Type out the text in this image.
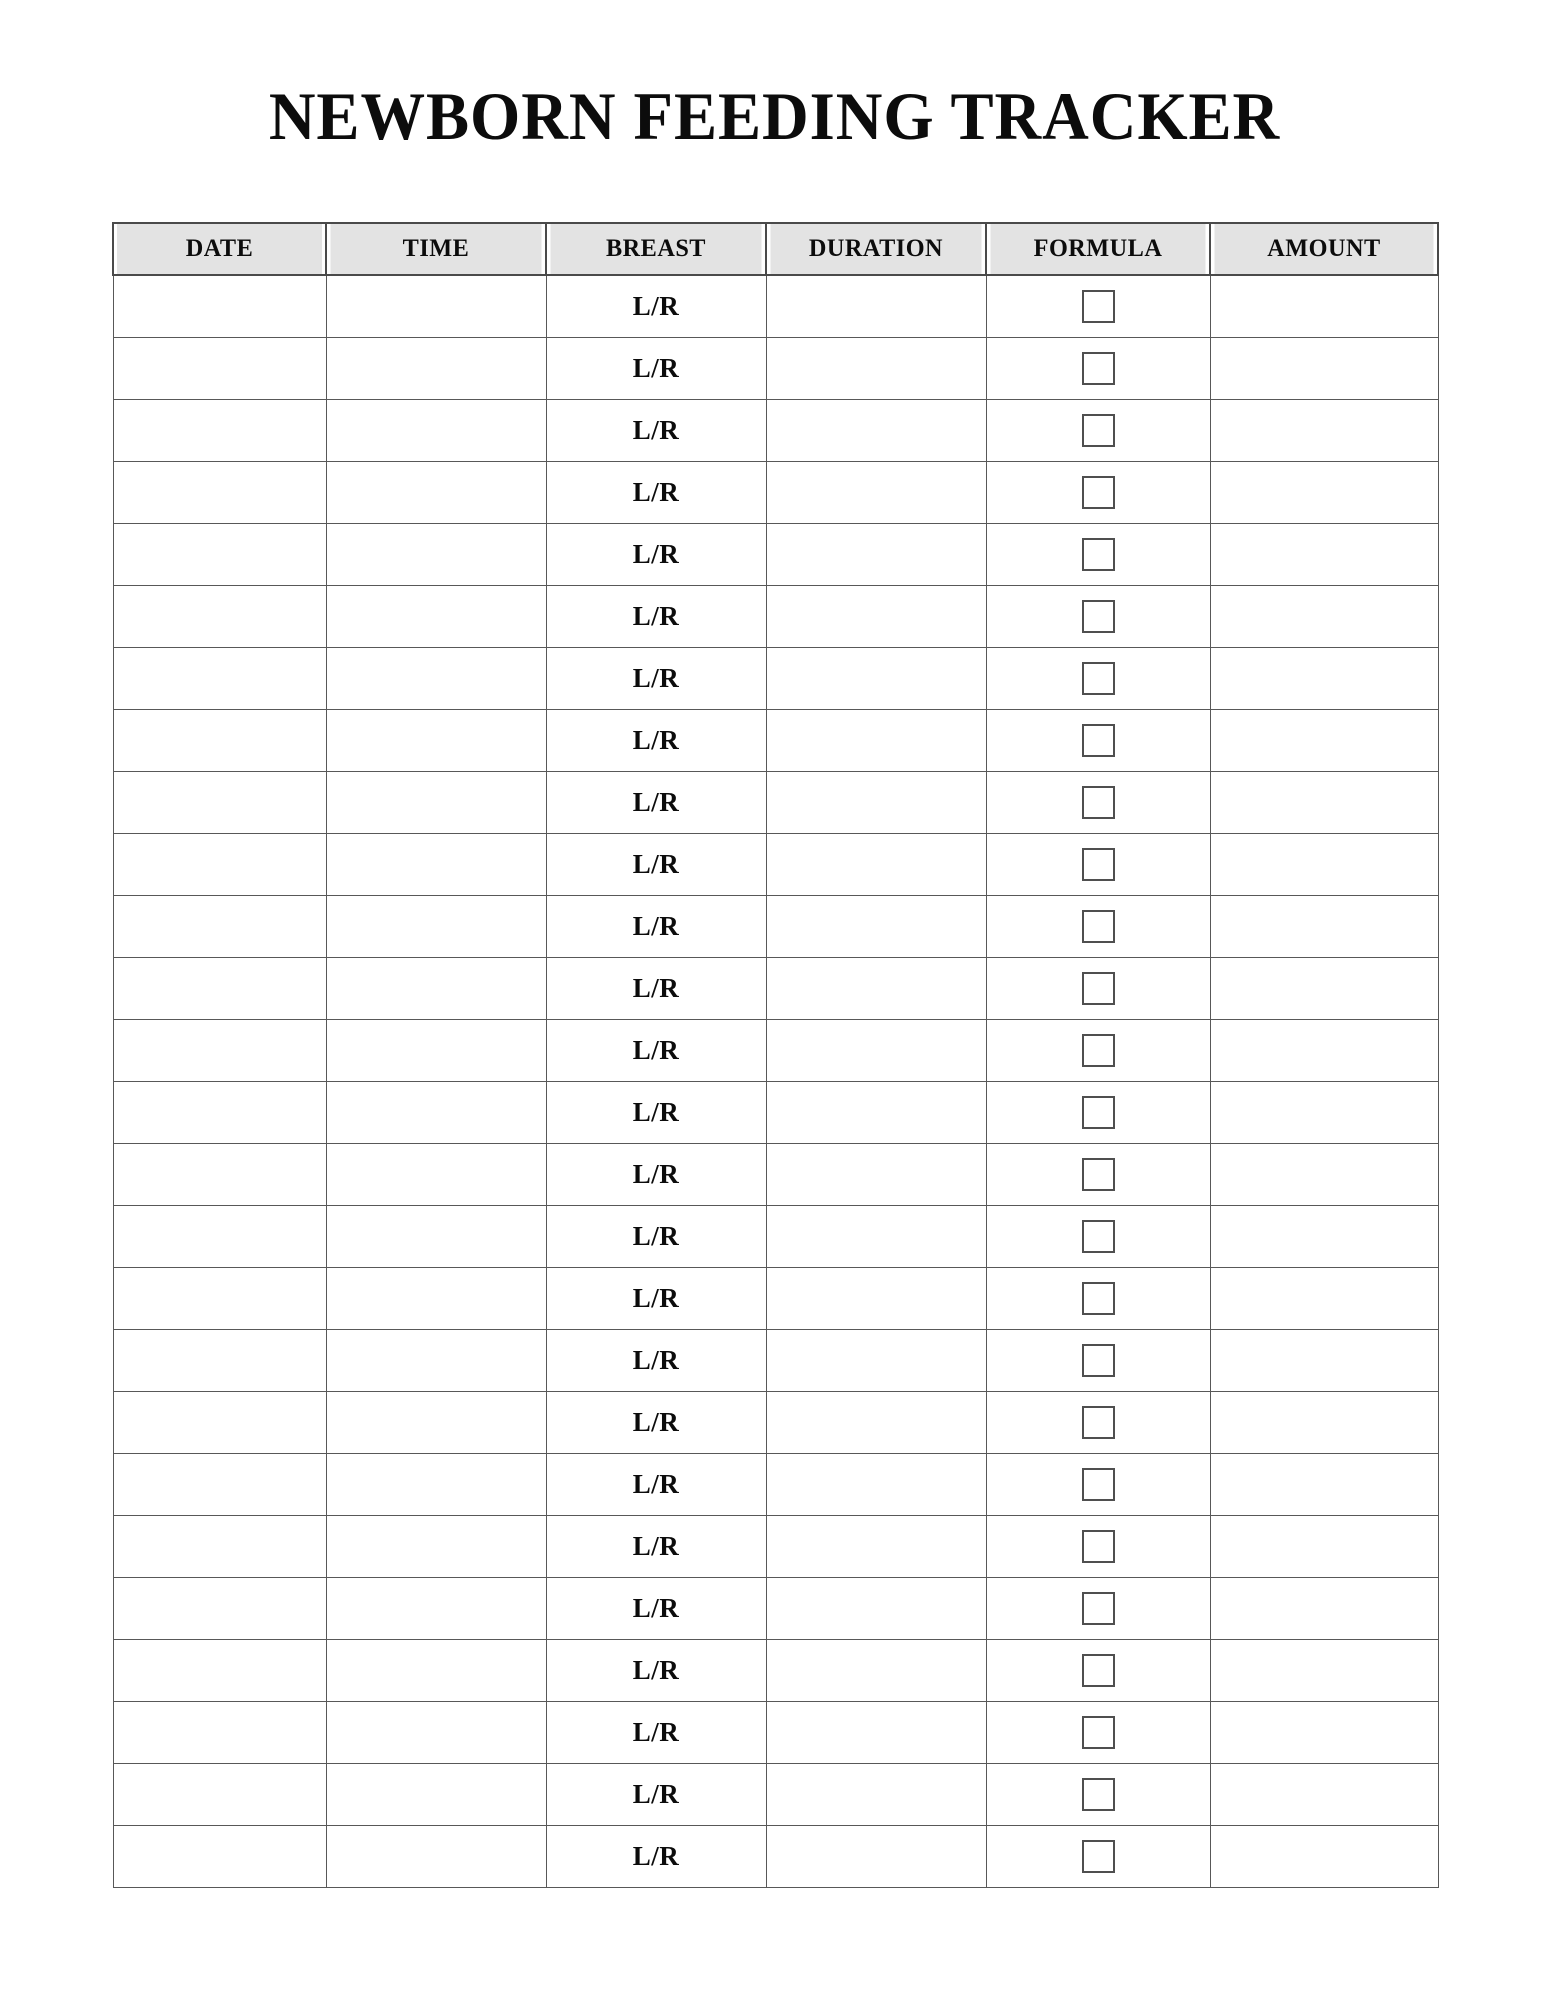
NEWBORN FEEDING TRACKER
DATE	TIME	BREAST	DURATION	FORMULA	AMOUNT
		L/R			
		L/R			
		L/R			
		L/R			
		L/R			
		L/R			
		L/R			
		L/R			
		L/R			
		L/R			
		L/R			
		L/R			
		L/R			
		L/R			
		L/R			
		L/R			
		L/R			
		L/R			
		L/R			
		L/R			
		L/R			
		L/R			
		L/R			
		L/R			
		L/R			
		L/R			
